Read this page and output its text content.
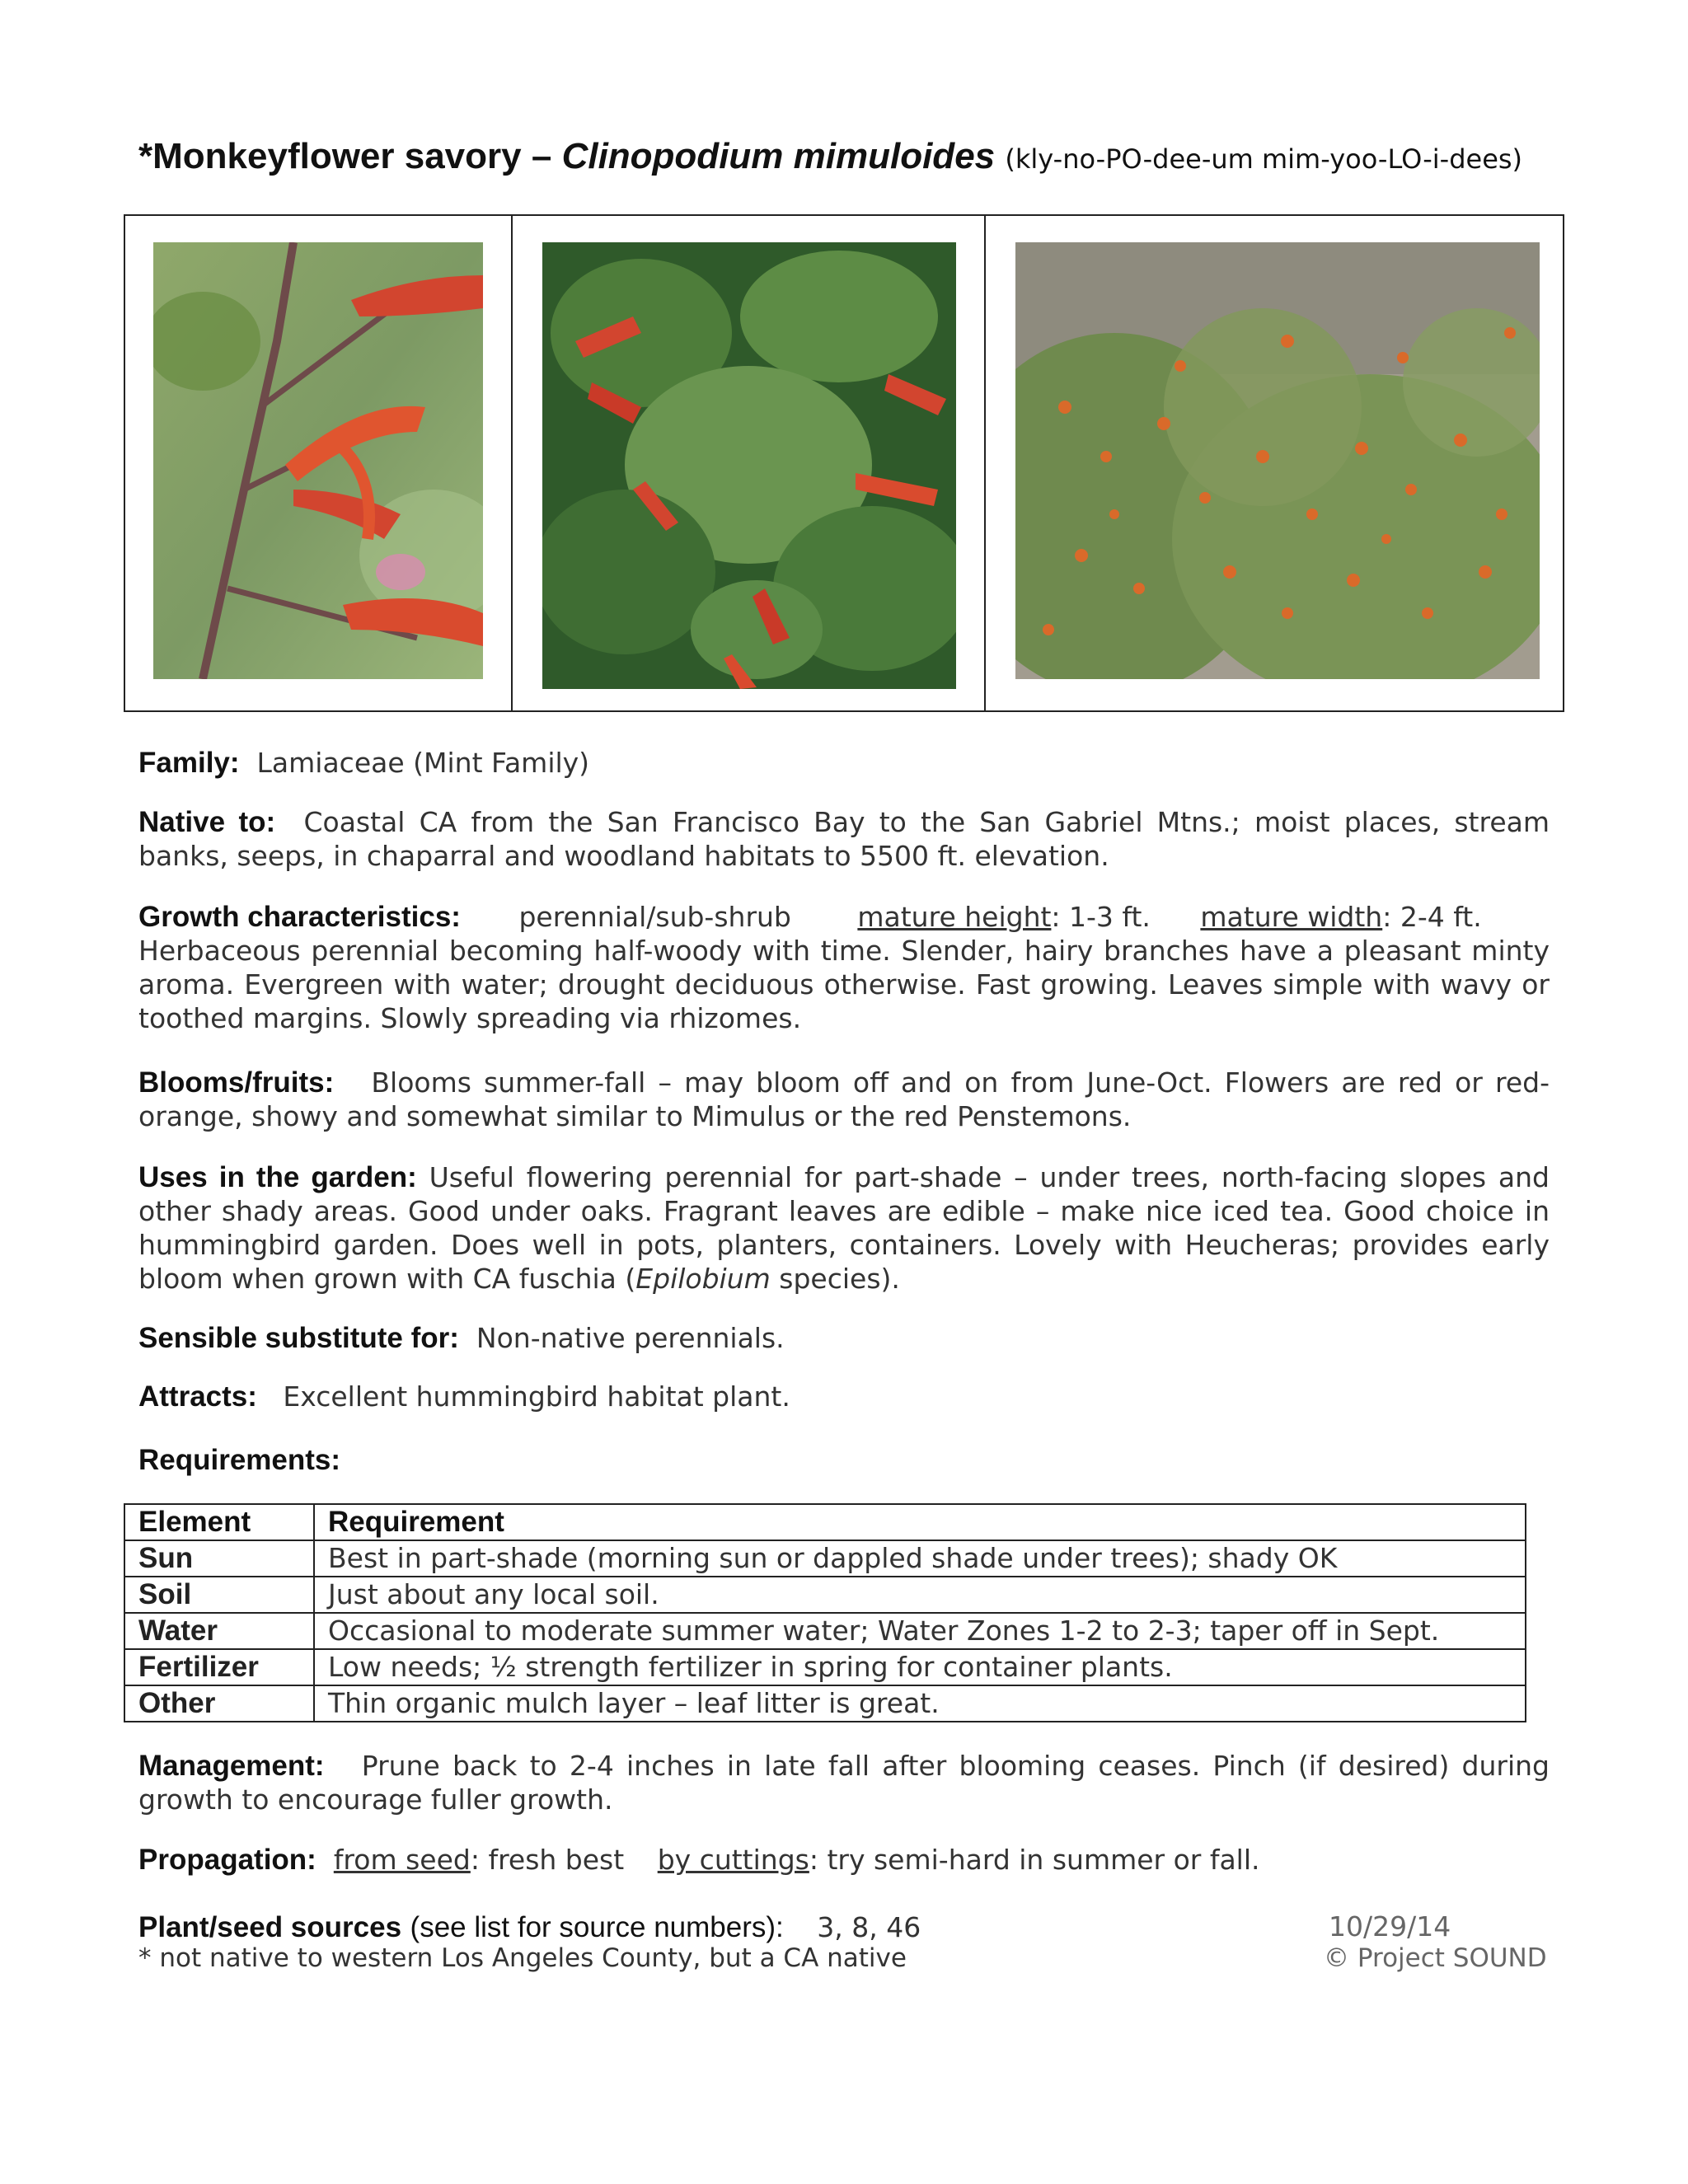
*Monkeyflower savory – Clinopodium mimuloides (kly-no-PO-dee-um mim-yoo-LO-i-dees)
Family: Lamiaceae (Mint Family)
Native to: Coastal CA from the San Francisco Bay to the San Gabriel Mtns.; moist places, stream banks, seeps, in chaparral and woodland habitats to 5500 ft. elevation.
Growth characteristics: perennial/sub-shrub mature height: 1-3 ft. mature width: 2-4 ft.
Herbaceous perennial becoming half-woody with time. Slender, hairy branches have a pleasant minty aroma. Evergreen with water; drought deciduous otherwise. Fast growing. Leaves simple with wavy or toothed margins. Slowly spreading via rhizomes.
Blooms/fruits: Blooms summer-fall – may bloom off and on from June-Oct. Flowers are red or red-orange, showy and somewhat similar to Mimulus or the red Penstemons.
Uses in the garden: Useful flowering perennial for part-shade – under trees, north-facing slopes and other shady areas. Good under oaks. Fragrant leaves are edible – make nice iced tea. Good choice in hummingbird garden. Does well in pots, planters, containers. Lovely with Heucheras; provides early bloom when grown with CA fuschia (Epilobium species).
Sensible substitute for: Non-native perennials.
Attracts: Excellent hummingbird habitat plant.
Requirements:
Element	Requirement
Sun	Best in part-shade (morning sun or dappled shade under trees); shady OK
Soil	Just about any local soil.
Water	Occasional to moderate summer water; Water Zones 1-2 to 2-3; taper off in Sept.
Fertilizer	Low needs; ½ strength fertilizer in spring for container plants.
Other	Thin organic mulch layer – leaf litter is great.
Management: Prune back to 2-4 inches in late fall after blooming ceases. Pinch (if desired) during growth to encourage fuller growth.
Propagation: from seed: fresh best by cuttings: try semi-hard in summer or fall.
Plant/seed sources (see list for source numbers): 3, 8, 46
* not native to western Los Angeles County, but a CA native
10/29/14
© Project SOUND
